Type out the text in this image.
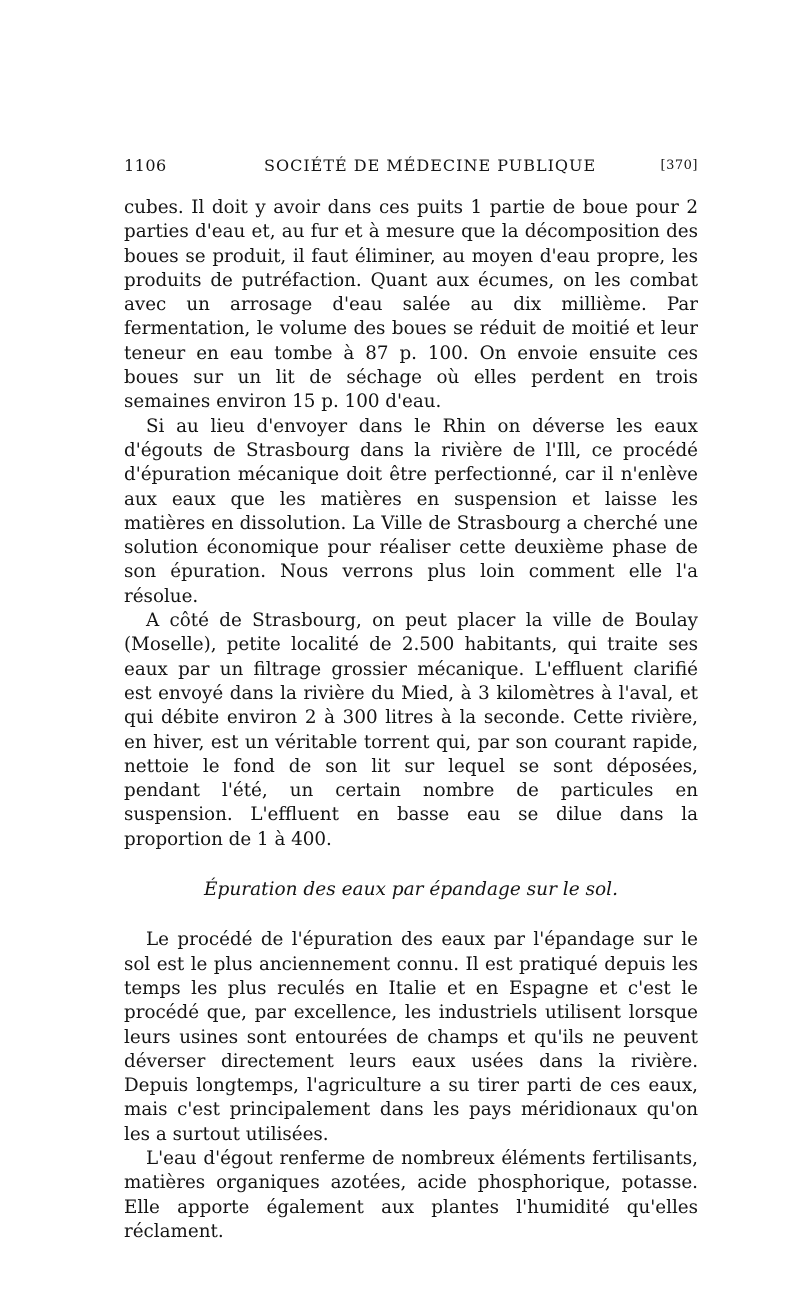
1106	SOCIÉTÉ DE MÉDECINE PUBLIQUE	[370]

cubes. Il doit y avoir dans ces puits 1 partie de boue pour 2 parties d'eau et, au fur et à mesure que la décomposition des boues se produit, il faut éliminer, au moyen d'eau propre, les produits de putréfaction. Quant aux écumes, on les combat avec un arrosage d'eau salée au dix millième. Par fermentation, le volume des boues se réduit de moitié et leur teneur en eau tombe à 87 p. 100. On envoie ensuite ces boues sur un lit de séchage où elles perdent en trois semaines environ 15 p. 100 d'eau.

Si au lieu d'envoyer dans le Rhin on déverse les eaux d'égouts de Strasbourg dans la rivière de l'Ill, ce procédé d'épuration mécanique doit être perfectionné, car il n'enlève aux eaux que les matières en suspension et laisse les matières en dissolution. La Ville de Strasbourg a cherché une solution économique pour réaliser cette deuxième phase de son épuration. Nous verrons plus loin comment elle l'a résolue.

A côté de Strasbourg, on peut placer la ville de Boulay (Moselle), petite localité de 2.500 habitants, qui traite ses eaux par un filtrage grossier mécanique. L'effluent clarifié est envoyé dans la rivière du Mied, à 3 kilomètres à l'aval, et qui débite environ 2 à 300 litres à la seconde. Cette rivière, en hiver, est un véritable torrent qui, par son courant rapide, nettoie le fond de son lit sur lequel se sont déposées, pendant l'été, un certain nombre de particules en suspension. L'effluent en basse eau se dilue dans la proportion de 1 à 400.

Épuration des eaux par épandage sur le sol.

Le procédé de l'épuration des eaux par l'épandage sur le sol est le plus anciennement connu. Il est pratiqué depuis les temps les plus reculés en Italie et en Espagne et c'est le procédé que, par excellence, les industriels utilisent lorsque leurs usines sont entourées de champs et qu'ils ne peuvent déverser directement leurs eaux usées dans la rivière. Depuis longtemps, l'agriculture a su tirer parti de ces eaux, mais c'est principalement dans les pays méridionaux qu'on les a surtout utilisées.

L'eau d'égout renferme de nombreux éléments fertilisants, matières organiques azotées, acide phosphorique, potasse. Elle apporte également aux plantes l'humidité qu'elles réclament.
